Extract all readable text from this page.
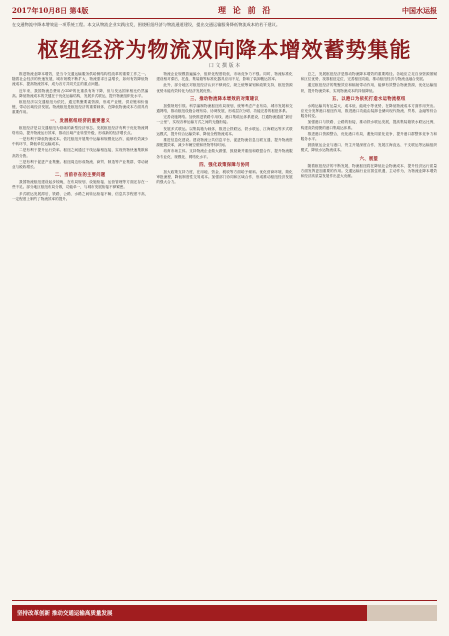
2017年10月8日 第4版	理 论 前 沿	中国水运报
在交通物流中降本增效是一项系统工程。本文从物流企业实践出发，围绕枢纽经济与物流通道建设，提出交通运输服务降低物流成本的若干建议。
枢纽经济为物流双向降本增效蓄势集能
口 文 撰 版 本

推进物流业降本增效，是当今交通运输服务供给侧结构性改革的重要工作之一。随着社会经济的快速发展，城市规模不断扩大，物流需求日益增长，如何有效降低物流成本、提高物流效率，成为各方共同关注的重点问题。

近年来，我国物流总费用占GDP的比重虽有所下降，但与发达国家相比仍然偏高。降低物流成本的关键在于优化运输结构，发展多式联运，提升物流组织化水平。

枢纽经济以交通枢纽为依托，通过集聚要素资源，形成产业链、供应链和价值链，带动区域经济发展。物流枢纽是枢纽经济的重要载体，在降低物流成本方面具有重要作用。

一、发展枢纽经济的重要意义

枢纽经济是以交通枢纽为基础的新型经济形态。发展枢纽经济有利于优化物流网络布局，提升物流运行效率，推动区域产业转型升级，形成新的经济增长点。

一是有利于降低物流成本。依托枢纽开展集中运输和规模化运作，能够有效减少中转环节，降低单位运输成本。

二是有利于提升运行效率。枢纽之间通过干线运输相连接，实现货物快速集散和高效分拨。

三是有利于促进产业集聚。枢纽周边形成物流、商贸、制造等产业集群，带动就业与税收增长。

二、当前存在的主要问题

我国物流枢纽建设起步较晚，在布局规划、设施衔接、运营管理等方面还存在一些不足。部分地区枢纽布局分散，功能单一，与城市发展衔接不够紧密。

多式联运发展滞后，铁路、公路、水路之间转运衔接不畅，信息共享程度不高，一定程度上制约了物流效率的提升。

物流企业规模普遍偏小，组织化程度较低，市场竞争力不强。同时，物流标准化建设相对滞后，托盘、集装箱等标准化器具应用不足，影响了装卸搬运效率。

此外，部分地区对枢纽经济认识不够到位，缺乏统筹谋划和政策支持，枢纽资源优势未能有效转化为经济发展优势。

三、推动物流降本增效的对策建议

加强规划引领。科学编制物流枢纽布局规划，统筹考虑产业布局、城市发展和交通网络，推动枢纽设施合理布局、协调发展，形成层次分明、功能完善的枢纽体系。

完善设施网络。加快推进铁路专用线、港口集疏运体系建设，打通物流通道“最后一公里”，实现各种运输方式之间的无缝衔接。

发展多式联运。以集装箱为载体，推进公铁联运、铁水联运、江海联运等多式联运模式，提升综合运输效率，降低全程物流成本。

推进信息化建设。建设物流公共信息平台，促进物流信息互联互通，提升物流资源配置效率，减少车辆空驶和货物等待时间。

培育市场主体。支持物流企业做大做强，鼓励兼并重组和联盟合作，提升物流服务专业化、规模化、网络化水平。

四、强化政策保障与协同

加大政策支持力度，在用地、资金、税收等方面给予倾斜。优化营商环境，简化审批流程，降低制度性交易成本。加强部门协同和区域合作，形成推动枢纽经济发展的强大合力。

总之，发展枢纽经济是推动物流降本增效的重要路径。各地应立足自身资源禀赋和区位优势，找准枢纽定位，完善枢纽功能，推动枢纽经济与物流业融合发展。

通过枢纽经济的集聚效应和辐射带动作用，能够有效整合物流资源，优化运输组织，提升物流效率，实现物流成本的持续降低。

五、以港口为依托打造水运物流枢纽

水路运输具有运量大、成本低、能耗小等优势，在降低物流成本方面作用突出。应充分发挥港口枢纽作用，推进港口功能由装卸仓储向现代物流、贸易、金融等综合服务转变。

加强港口与铁路、公路的衔接，推动铁水联运发展，提高集装箱铁水联运比例，构建高效便捷的港口集疏运体系。

推进港口资源整合，优化港口布局，避免同质化竞争，提升港口群整体竞争力和服务水平。

鼓励航运企业与港口、货主开展深度合作，发展江海直达、干支联运等运输组织模式，降低水运物流成本。

六、展望

随着枢纽经济的不断发展，物流枢纽将在降低社会物流成本、提升经济运行质量方面发挥更加重要的作用。交通运输行业应抓住机遇，主动作为，为物流业降本增效和经济高质量发展作出更大贡献。

坚持改革创新 推动交通运输高质量发展
